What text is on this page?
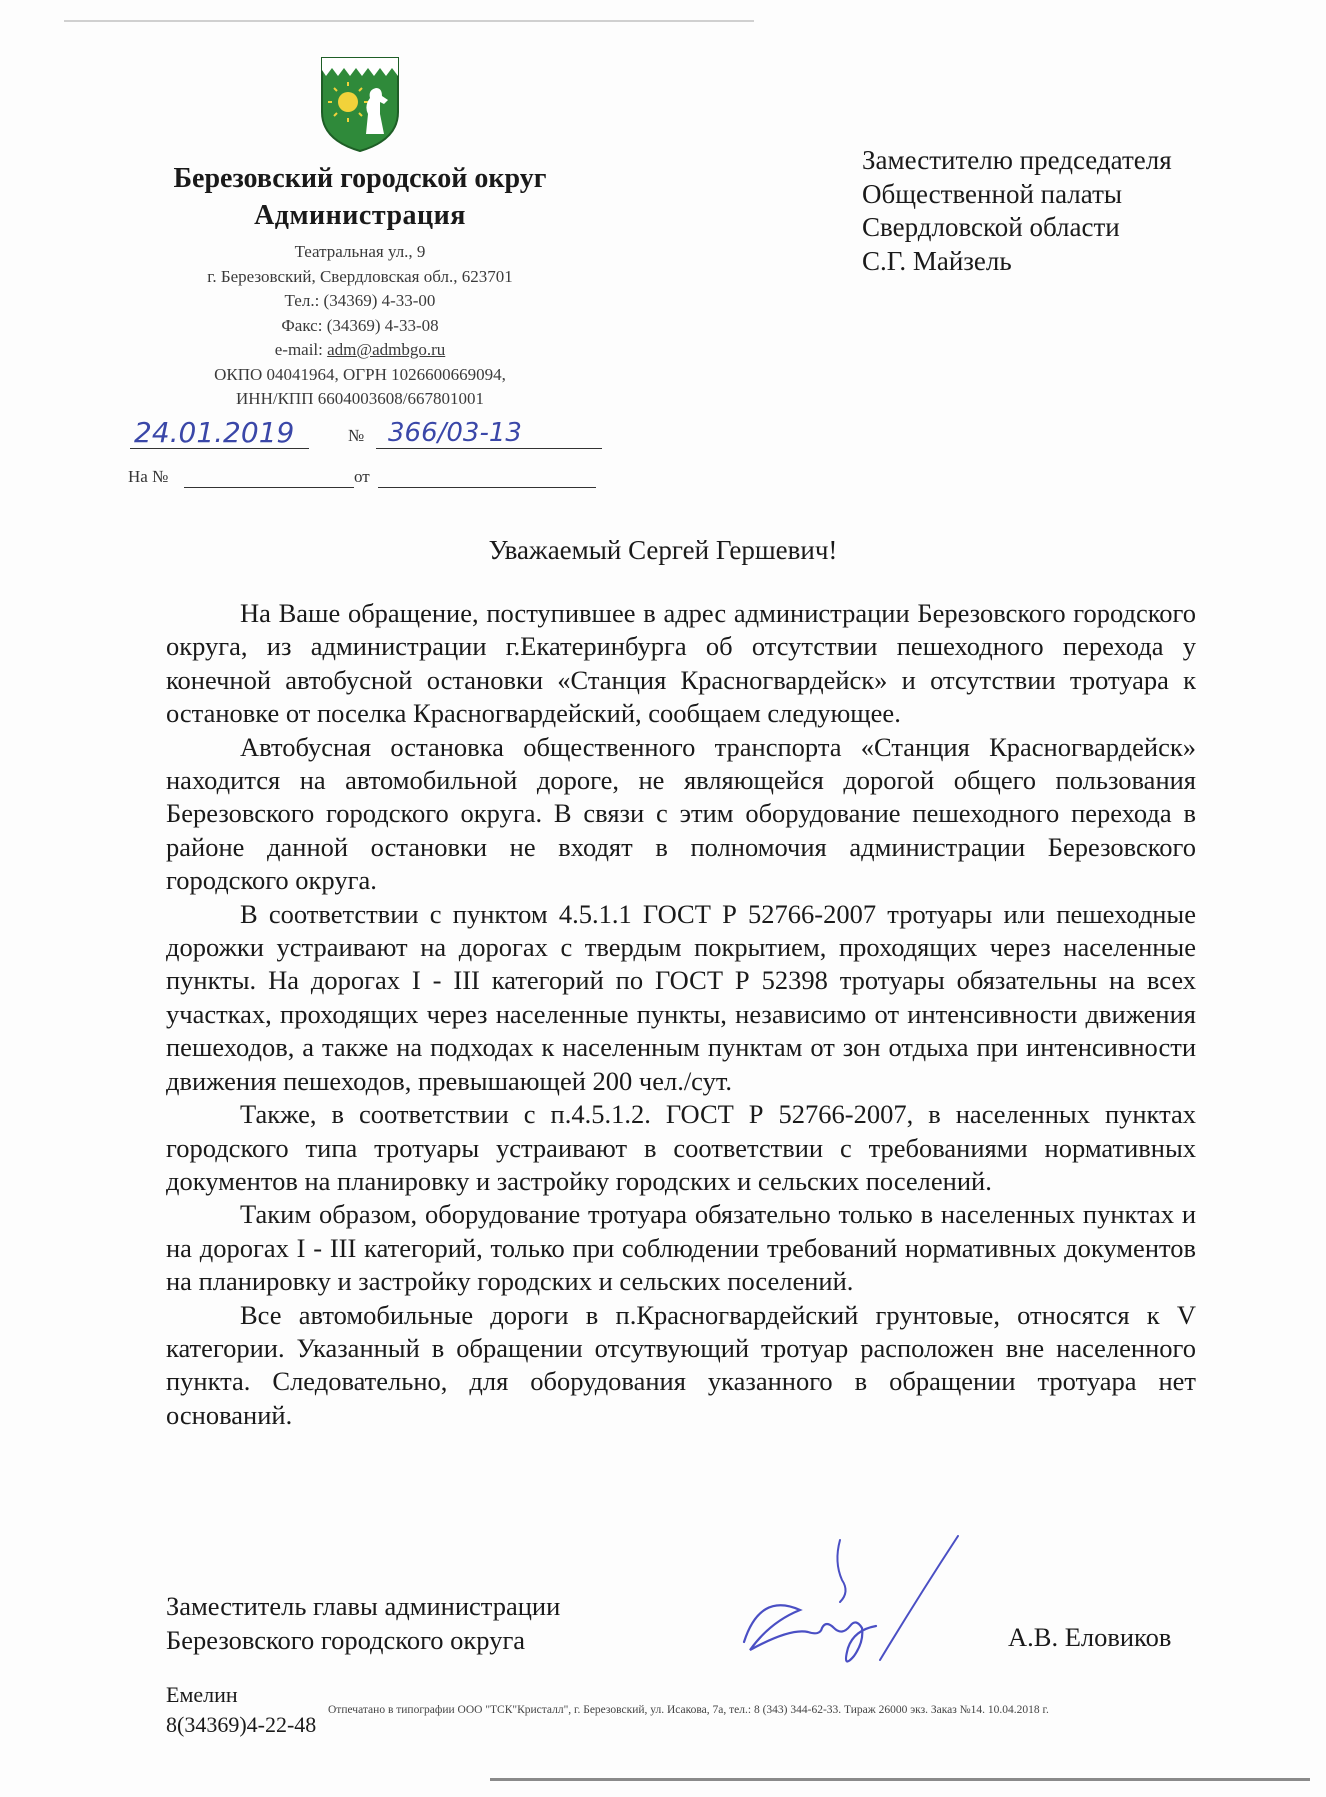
Березовский городской округ
Администрация
Театральная ул., 9
г. Березовский, Свердловская обл., 623701
Тел.: (34369) 4-33-00
Факс: (34369) 4-33-08
e-mail: adm@admbgo.ru
ОКПО 04041964, ОГРН 1026600669094,
ИНН/КПП 6604003608/667801001
24.01.2019	№ 366/03-13
На №	от
Заместителю председателя
Общественной палаты
Свердловской области
С.Г. Майзель
Уважаемый Сергей Гершевич!

На Ваше обращение, поступившее в адрес администрации Березовского городского округа, из администрации г.Екатеринбурга об отсутствии пешеходного перехода у конечной автобусной остановки «Станция Красногвардейск» и отсутствии тротуара к остановке от поселка Красногвардейский, сообщаем следующее.

Автобусная остановка общественного транспорта «Станция Красногвардейск» находится на автомобильной дороге, не являющейся дорогой общего пользования Березовского городского округа. В связи с этим оборудование пешеходного перехода в районе данной остановки не входят в полномочия администрации Березовского городского округа.

В соответствии с пунктом 4.5.1.1 ГОСТ Р 52766-2007 тротуары или пешеходные дорожки устраивают на дорогах с твердым покрытием, проходящих через населенные пункты. На дорогах I - III категорий по ГОСТ Р 52398 тротуары обязательны на всех участках, проходящих через населенные пункты, независимо от интенсивности движения пешеходов, а также на подходах к населенным пунктам от зон отдыха при интенсивности движения пешеходов, превышающей 200 чел./сут.

Также, в соответствии с п.4.5.1.2. ГОСТ Р 52766-2007, в населенных пунктах городского типа тротуары устраивают в соответствии с требованиями нормативных документов на планировку и застройку городских и сельских поселений.

Таким образом, оборудование тротуара обязательно только в населенных пунктах и на дорогах I - III категорий, только при соблюдении требований нормативных документов на планировку и застройку городских и сельских поселений.

Все автомобильные дороги в п.Красногвардейский грунтовые, относятся к V категории. Указанный в обращении отсутвующий тротуар расположен вне населенного пункта. Следовательно, для оборудования указанного в обращении тротуара нет оснований.

Заместитель главы администрации
Березовского городского округа	А.В. Еловиков
Емелин
8(34369)4-22-48
Отпечатано в типографии ООО "ТСК"Кристалл", г. Березовский, ул. Исакова, 7а, тел.: 8 (343) 344-62-33. Тираж 26000 экз. Заказ №14. 10.04.2018 г.
